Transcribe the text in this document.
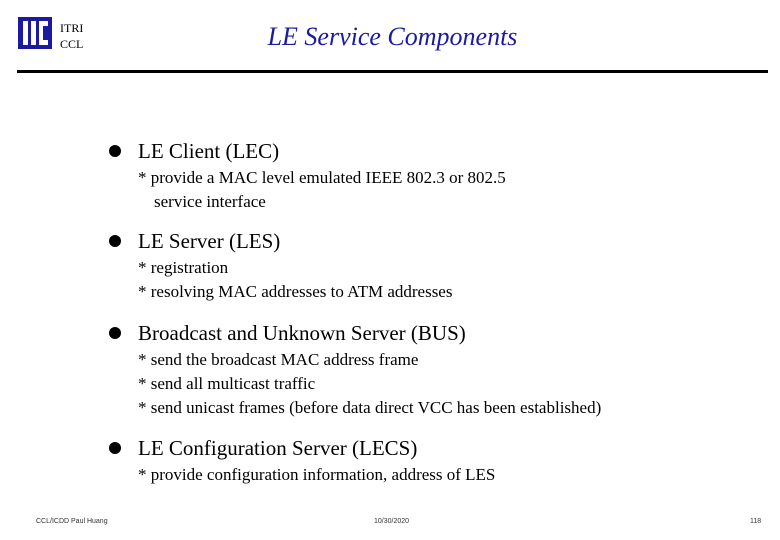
ITRI
CCL	LE Service Components
LE Client (LEC)
* provide a MAC level emulated IEEE 802.3 or 802.5
service interface
LE Server (LES)
* registration
* resolving MAC addresses to ATM addresses
Broadcast and Unknown Server (BUS)
* send the broadcast MAC address frame
* send all multicast traffic
* send unicast frames (before data direct VCC has been established)
LE Configuration Server (LECS)
* provide configuration information, address of LES
CCL/ICDD Paul Huang	10/30/2020	118
